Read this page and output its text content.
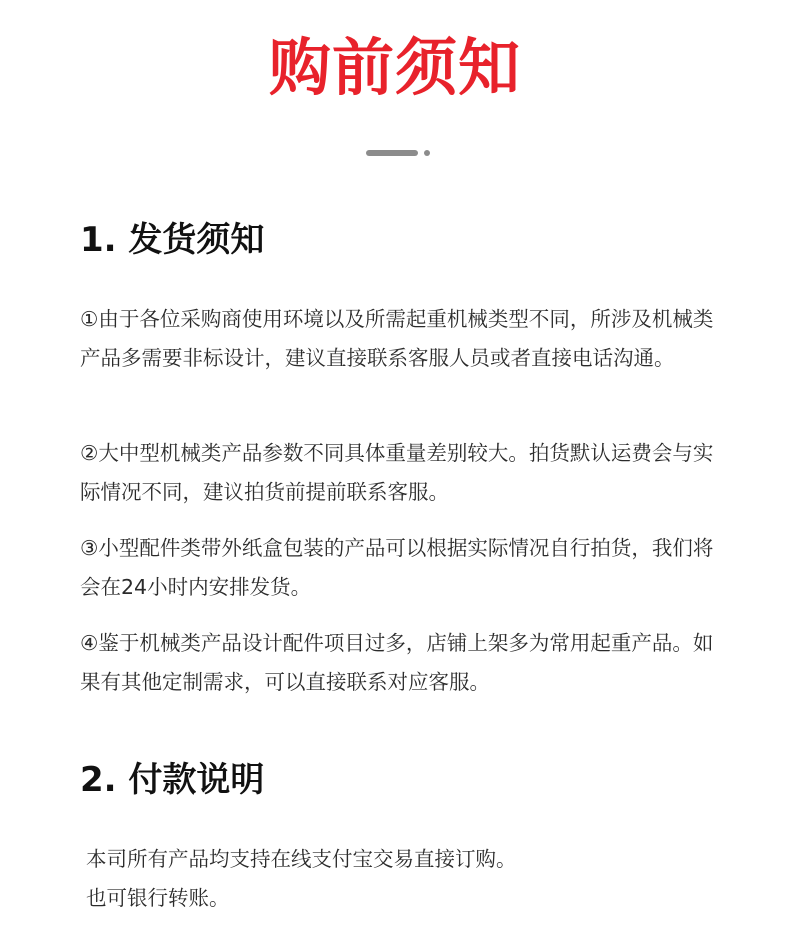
购前须知
1. 发货须知

①由于各位采购商使用环境以及所需起重机械类型不同，所涉及机械类产品多需要非标设计，建议直接联系客服人员或者直接电话沟通。

②大中型机械类产品参数不同具体重量差别较大。拍货默认运费会与实际情况不同，建议拍货前提前联系客服。

③小型配件类带外纸盒包装的产品可以根据实际情况自行拍货，我们将会在24小时内安排发货。

④鉴于机械类产品设计配件项目过多，店铺上架多为常用起重产品。如果有其他定制需求，可以直接联系对应客服。

2. 付款说明
本司所有产品均支持在线支付宝交易直接订购。
也可银行转账。
